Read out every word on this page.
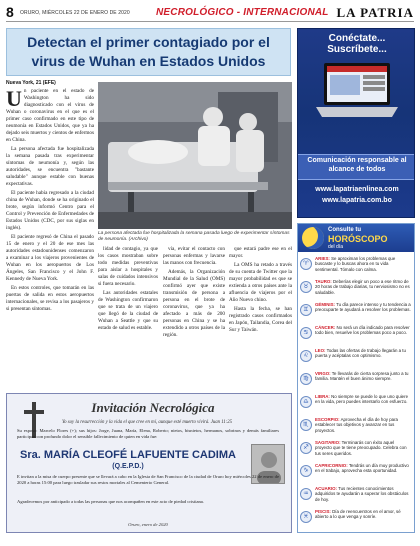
8 ORURO, MIÉRCOLES 22 DE ENERO DE 2020	NECROLÓGICO - INTERNACIONAL LA PATRIA
Detectan el primer contagiado por el virus de Wuhan en Estados Unidos
Nueva York, 21 (EFE)

Un paciente en el estado de Washington ha sido diagnosticado con el virus de Wuhan o coronavirus en el que es el primer caso confirmado en este tipo de neumonía en Estados Unidos, que ya ha dejado seis muertos y cientos de enfermos en China.

La persona afectada fue hospitalizada la semana pasada tras experimentar síntomas de neumonía y, según las autoridades, se encuentra "bastante saludable" aunque estable con buenas expectativas.

El paciente había regresado a la ciudad china de Wuhan, donde se ha originado el brote, según informó Centro para el Control y Prevención de Enfermedades de Estados Unidos (CDC, por sus siglas en inglés).

El paciente regresó de China el pasado 15 de enero y el 20 de ese mes las autoridades estadounidenses comenzaron a examinar a los viajeros provenientes de Wuhan en los aeropuertos de Los Ángeles, San Francisco y el John F. Kennedy de Nueva York.

En estos controles, que tomarán en las puertas de salida en estos aeropuertos internacionales, se revisa a los pasajeros y si presentan síntomas.

La persona afectada fue hospitalizada la semana pasada luego de experimentar síntomas de neumonía. (Archivo)

lidad de contagio, ya que los casos mostraban sobre todo medidas preventivas para aislar a hospitales y salas de cuidados intensivos si fuera necesario.

Las autoridades estatales de Washington confirmaron que se trata de un viajero que llegó de la ciudad de Wuhan a Seattle y que su estado de salud es estable.

vía, evitar el contacto con personas enfermas y lavarse las manos con frecuencia.

Además, la Organización Mundial de la Salud (OMS) confirmó ayer que existe transmisión de persona a persona en el brote de coronavirus, que ya ha afectado a más de 200 personas en China y se ha extendido a otros países de la región.

que estará padre ese en el mayor.

La OMS ha retado a través de su cuenta de Twitter que la mayor probabilidad es que se extienda a otros países ante la afluencia de viajeros por el Año Nuevo chino.

Hasta la fecha, se han registrado casos confirmados en Japón, Tailandia, Corea del Sur y Taiwán.

Conéctate... Suscríbete...
Comunicación responsable al alcance de todos
www.lapatriaenlinea.com
www.lapatria.com.bo
Consulte tu
HORÓSCOPO
del día
♈
ARIES: Se aproximan los problemas que buscaste y lo buscas ahora en tu vida sentimental. Tómalo con calma.
♉
TAURO: Deberías elegir un poco a ese ritmo de 20 horas de trabajo diarias, tu nerviosismo no es saludable.
♊
GÉMINIS: Tu día parece intenso y tu tendencia a preocuparte te ayudará a resolver los problemas.
♋
CÁNCER: No será un día indicado para resolver todo bien, resuelve los problemas poco a poco.
♌
LEO: Todas las ofertas de trabajo llegarán a tu puerta y acéptalas con optimismo.
♍
VIRGO: Te llevarás de cierta sorpresa junto a tu familia. Mantén el buen ánimo siempre.
♎
LIBRA: No siempre se puede lo que uno quiere en la vida, pero puedes intentarlo con esfuerzo.
♏
ESCORPIO: Aprovecha el día de hoy para establecer tus objetivos y avanzar en tus proyectos.
♐
SAGITARIO: Terminarás con éxito aquel proyecto que te tiene preocupado. Celebra con tus seres queridos.
♑
CAPRICORNIO: Tendrás un día muy productivo en el trabajo, aprovecha esta oportunidad.
♒
ACUARIO: Tus recientes conocimientos adquiridos te ayudarán a superar los obstáculos de hoy.
♓
PISCIS: Día de reencuentros en el amor, sé abierto a lo que venga y sonríe.
Invitación Necrológica
Yo soy la resurrección y la vida el que cree en mí, aunque esté muerto vivirá. Juan 11:25
Su esposo: Marcelo Flores (+); sus hijos: Jorge, Juana, María, Elena, Roberto; nietos, bisnietos, hermanos, sobrinos y demás familiares participan con profundo dolor el sensible fallecimiento de quien en vida fue:
Sra. MARÍA CLEOFÉ LAFUENTE CADIMA
(Q.E.P.D.)
E invitan a la misa de cuerpo presente que se llevará a cabo en la Iglesia de San Francisco de la ciudad de Oruro hoy miércoles 22 de enero de 2020 a horas 15:00 para luego trasladar sus restos mortales al Cementerio General.
Agradecemos por anticipado a todas las personas que nos acompañen en este acto de piedad cristiana.
Oruro, enero de 2020
